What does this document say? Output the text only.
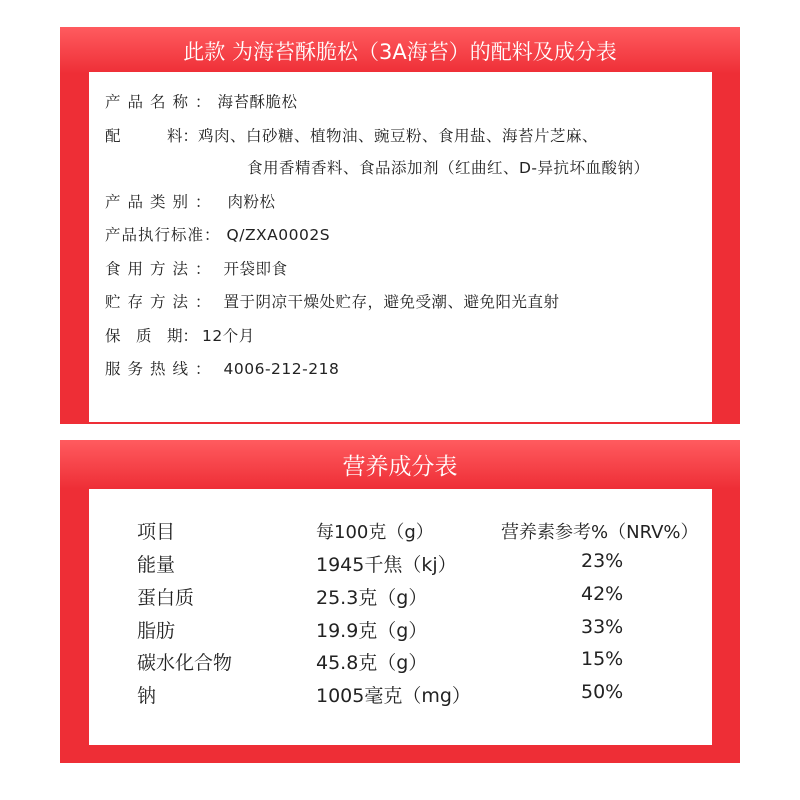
此款 为海苔酥脆松（3A海苔）的配料及成分表
产品名称：海苔酥脆松
配　　　料：鸡肉、白砂糖、植物油、豌豆粉、食用盐、海苔片芝麻、
食用香精香料、食品添加剂（红曲红、D-异抗坏血酸钠）
产品类别： 肉粉松
产品执行标准： Q/ZXA0002S
食用方法： 开袋即食
贮存方法： 置于阴凉干燥处贮存，避免受潮、避免阳光直射
保　质　期： 12个月
服务热线： 4006-212-218
营养成分表
项目	每100克（g）	营养素参考%（NRV%）
能量	1945千焦（kj）	23%
蛋白质	25.3克（g）	42%
脂肪	19.9克（g）	33%
碳水化合物	45.8克（g）	15%
钠	1005毫克（mg）	50%
